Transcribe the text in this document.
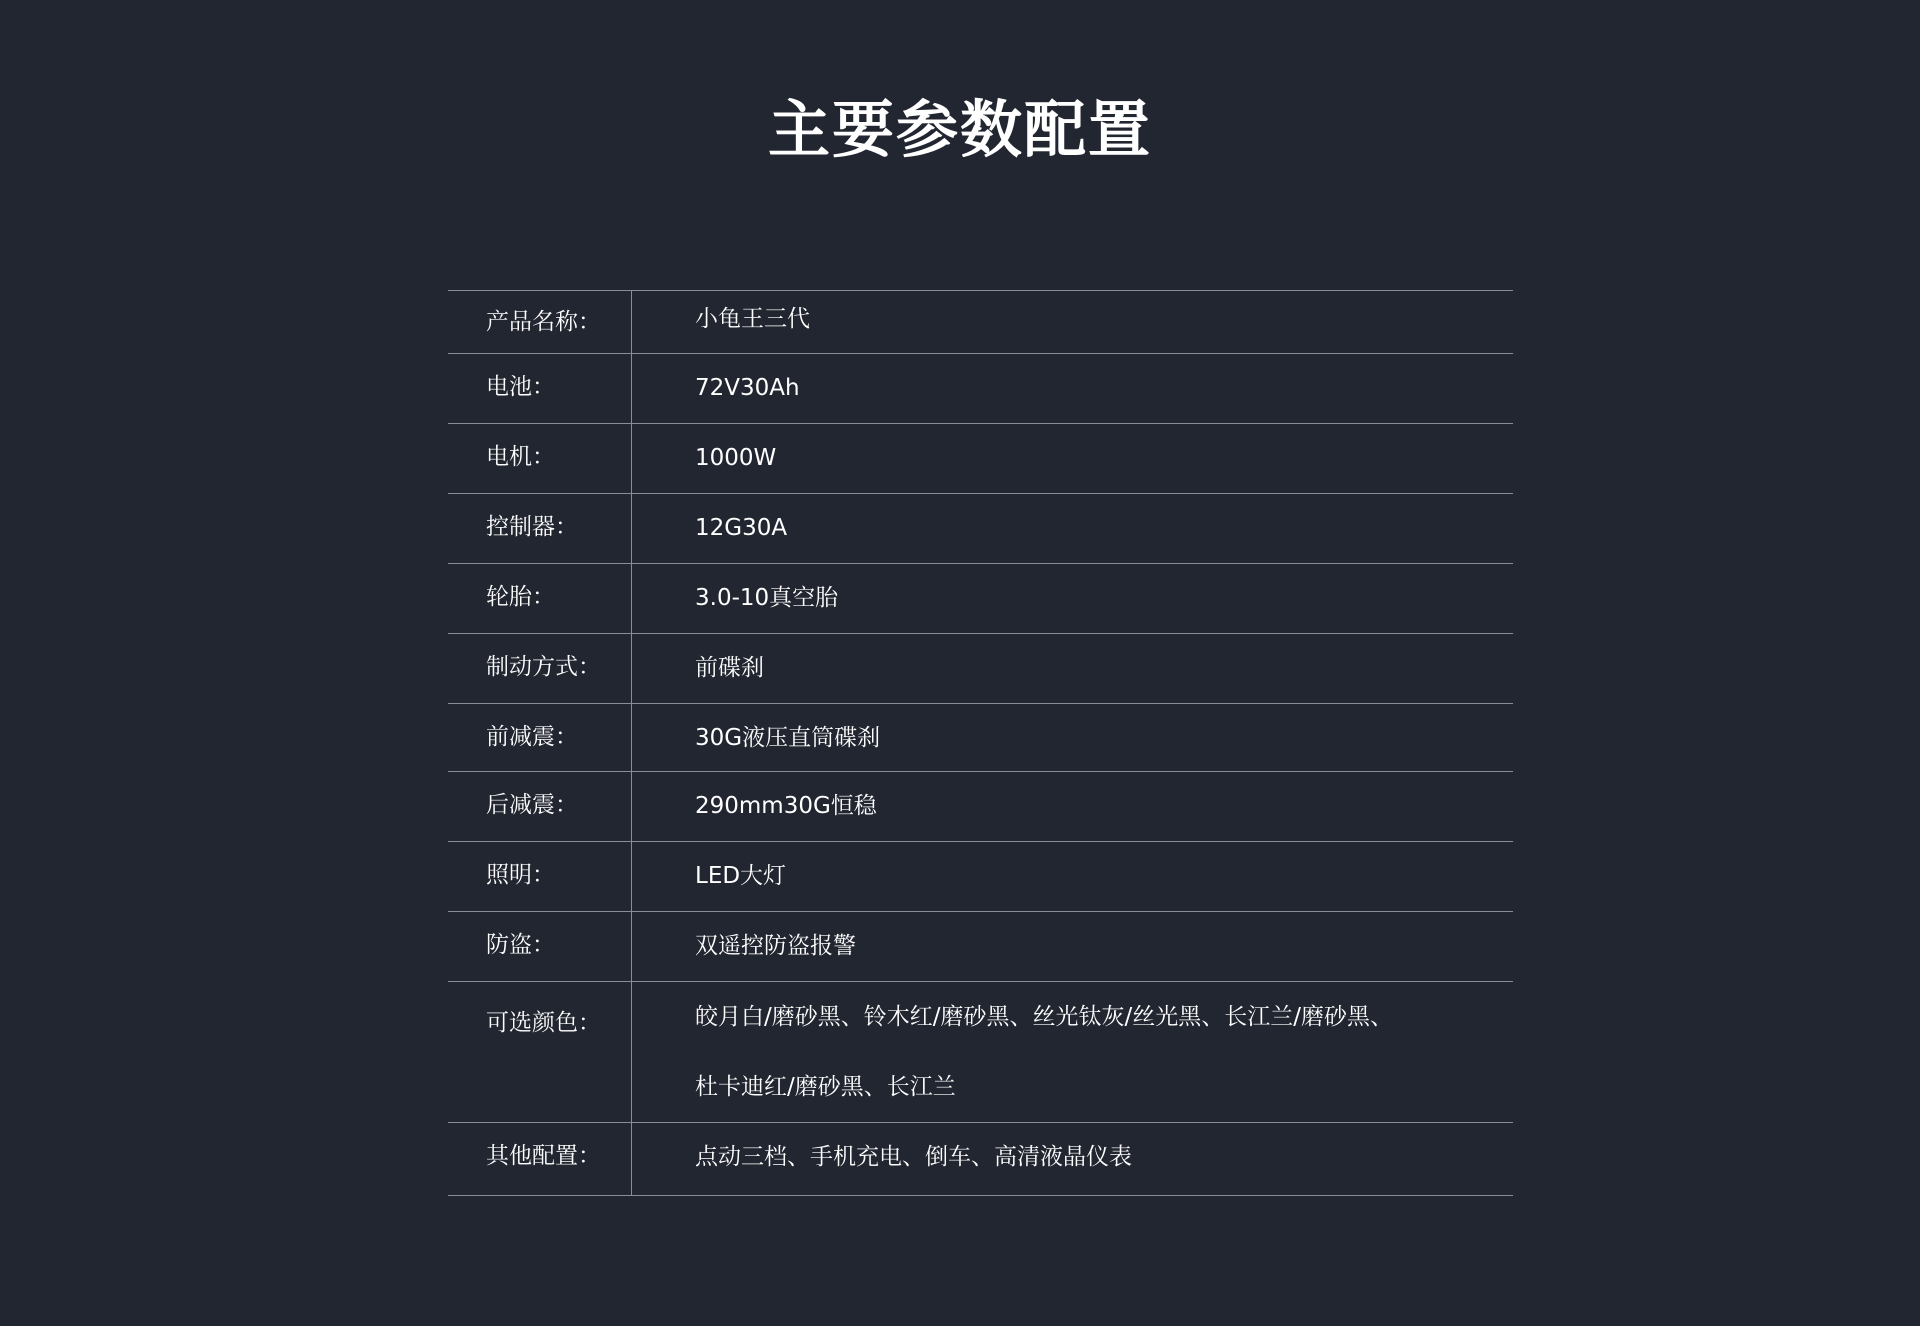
主要参数配置
产品名称：	小龟王三代
电池：	72V30Ah
电机：	1000W
控制器：	12G30A
轮胎：	3.0-10真空胎
制动方式：	前碟刹
前减震：	30G液压直筒碟刹
后减震：	290mm30G恒稳
照明：	LED大灯
防盗：	双遥控防盗报警
可选颜色：	皎月白/磨砂黑、铃木红/磨砂黑、丝光钛灰/丝光黑、长江兰/磨砂黑、
杜卡迪红/磨砂黑、长江兰
其他配置：	点动三档、手机充电、倒车、高清液晶仪表
